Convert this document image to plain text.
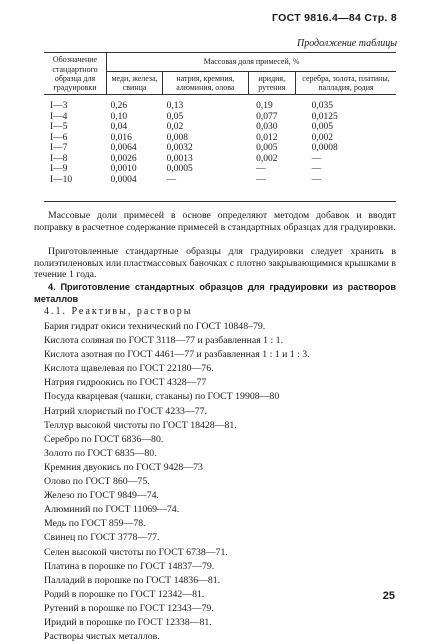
ГОСТ 9816.4—84 Стр. 8
Продолжение таблицы
Обозначение стандартного образца для градуировки	Массовая доля примесей, %			
	меди, железа, свинца	натрия, кремния, алюминия, олова	иридия, рутения	серебра, золота, платины, палладия, родия
I—3	0,26	0,13	0,19	0,035
I—4	0,10	0,05	0,077	0,0125
I—5	0,04	0,02	0,030	0,005
I—6	0,016	0,008	0,012	0,002
I—7	0,0064	0,0032	0,005	0,0008
I—8	0,0026	0,0013	0,002	—
I—9	0,0010	0,0005	—	—
I—10	0,0004	—	—	—

Массовые доли примесей в основе определяют методом добавок и вводят поправку в расчетное содержание примесей в стандартных образцах для градуировки.

Приготовленные стандартные образцы для градуировки следует хранить в полиэтиленовых или пластмассовых баночках с плотно закрывающимися крышками в течение 1 года.

4. Приготовление стандартных образцов для градуировки из растворов металлов

4.1. Реактивы, растворы
Бария гидрат окиси технический по ГОСТ 10848–79.
Кислота соляная по ГОСТ 3118—77 и разбавленная 1 : 1.
Кислота азотная по ГОСТ 4461—77 и разбавленная 1 : 1 и 1 : 3.
Кислота щавелевая по ГОСТ 22180—76.
Натрия гидроокись по ГОСТ 4328—77
Посуда кварцевая (чашки, стаканы) по ГОСТ 19908—80
Натрий хлористый по ГОСТ 4233—77.
Теллур высокой чистоты по ГОСТ 18428—81.
Серебро по ГОСТ 6836—80.
Золото по ГОСТ 6835—80.
Кремния двуокись по ГОСТ 9428—73
Олово по ГОСТ 860—75.
Железо по ГОСТ 9849—74.
Алюминий по ГОСТ 11069—74.
Медь по ГОСТ 859—78.
Свинец по ГОСТ 3778—77.
Селен высокой чистоты по ГОСТ 6738—71.
Платина в порошке по ГОСТ 14837—79.
Палладий в порошке по ГОСТ 14836—81.
Родий в порошке по ГОСТ 12342—81.
Рутений в порошке по ГОСТ 12343—79.
Иридий в порошке по ГОСТ 12338—81.
Растворы чистых металлов.
25
